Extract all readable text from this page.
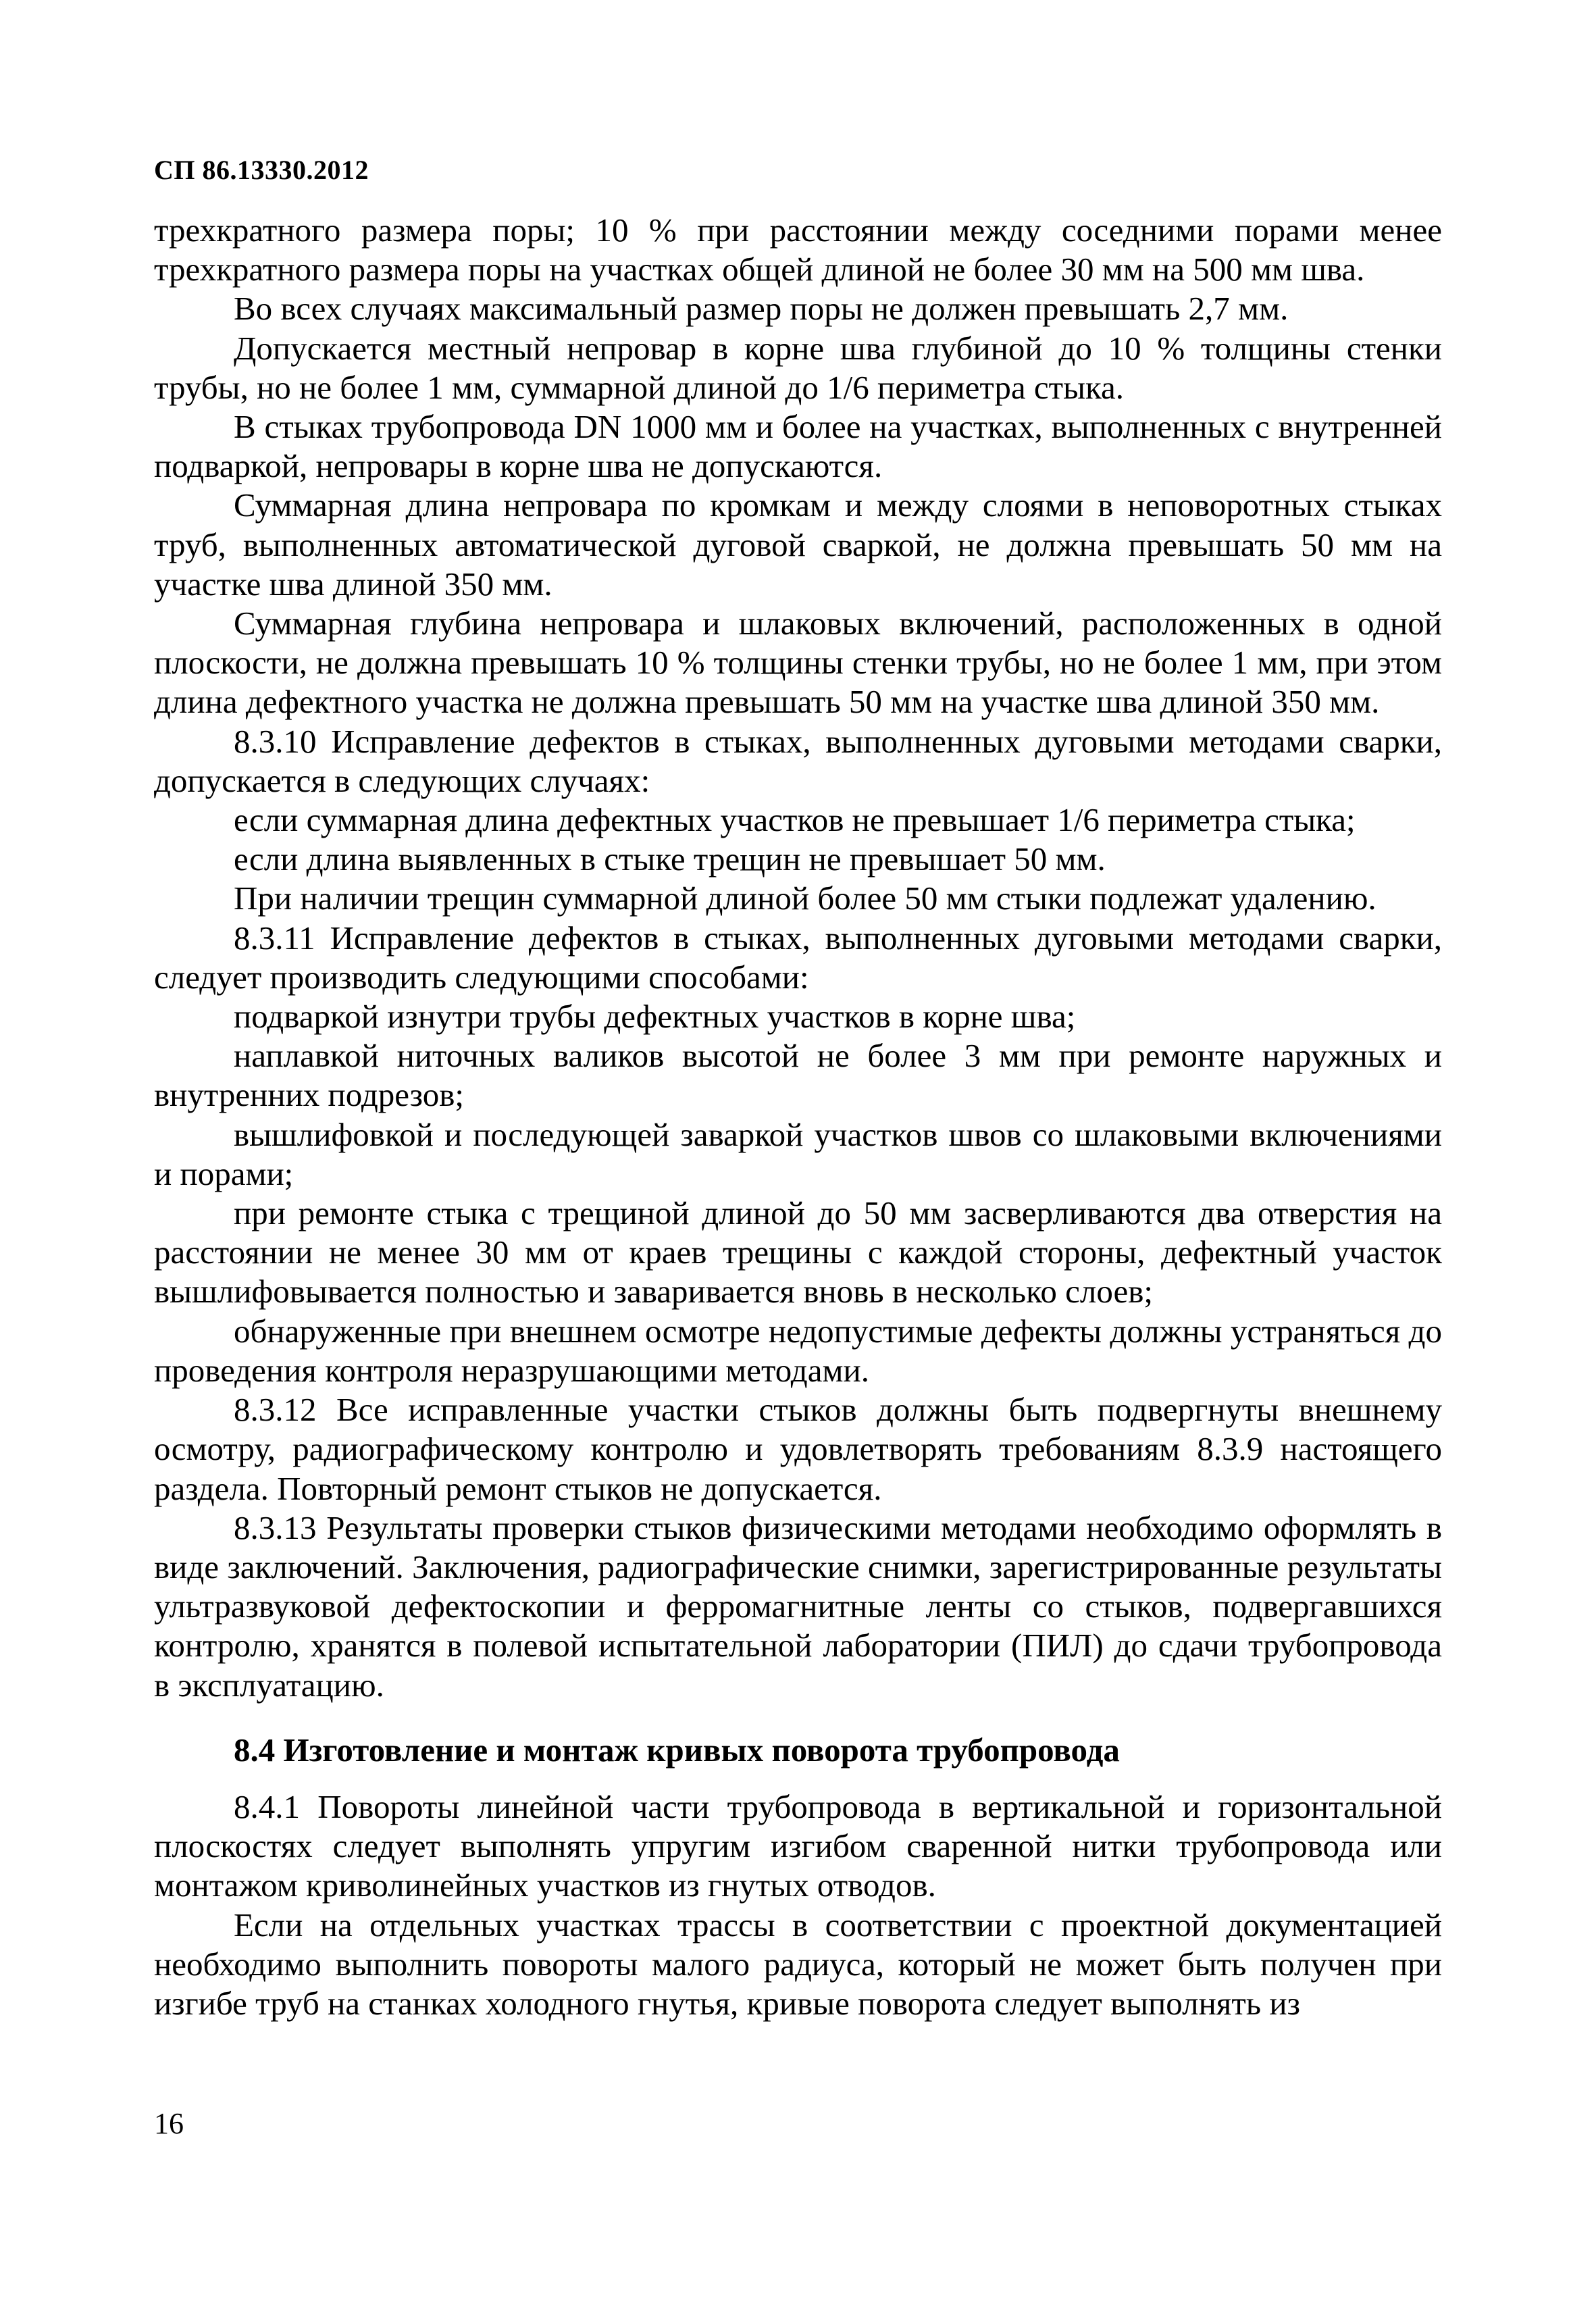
СП 86.13330.2012

трехкратного размера поры; 10 % при расстоянии между соседними порами менее трехкратного размера поры на участках общей длиной не более 30 мм на 500 мм шва.

Во всех случаях максимальный размер поры не должен превышать 2,7 мм.

Допускается местный непровар в корне шва глубиной до 10 % толщины стенки трубы, но не более 1 мм, суммарной длиной до 1/6 периметра стыка.

В стыках трубопровода DN 1000 мм и более на участках, выполненных с внутренней подваркой, непровары в корне шва не допускаются.

Суммарная длина непровара по кромкам и между слоями в неповоротных стыках труб, выполненных автоматической дуговой сваркой, не должна превышать 50 мм на участке шва длиной 350 мм.

Суммарная глубина непровара и шлаковых включений, расположенных в одной плоскости, не должна превышать 10 % толщины стенки трубы, но не более 1 мм, при этом длина дефектного участка не должна превышать 50 мм на участке шва длиной 350 мм.

8.3.10 Исправление дефектов в стыках, выполненных дуговыми методами сварки, допускается в следующих случаях:

если суммарная длина дефектных участков не превышает 1/6 периметра стыка;

если длина выявленных в стыке трещин не превышает 50 мм.

При наличии трещин суммарной длиной более 50 мм стыки подлежат удалению.

8.3.11 Исправление дефектов в стыках, выполненных дуговыми методами сварки, следует производить следующими способами:

подваркой изнутри трубы дефектных участков в корне шва;

наплавкой ниточных валиков высотой не более 3 мм при ремонте наружных и внутренних подрезов;

вышлифовкой и последующей заваркой участков швов со шлаковыми включениями и порами;

при ремонте стыка с трещиной длиной до 50 мм засверливаются два отверстия на расстоянии не менее 30 мм от краев трещины с каждой стороны, дефектный участок вышлифовывается полностью и заваривается вновь в несколько слоев;

обнаруженные при внешнем осмотре недопустимые дефекты должны устраняться до проведения контроля неразрушающими методами.

8.3.12 Все исправленные участки стыков должны быть подвергнуты внешнему осмотру, радиографическому контролю и удовлетворять требованиям 8.3.9 настоящего раздела. Повторный ремонт стыков не допускается.

8.3.13 Результаты проверки стыков физическими методами необходимо оформлять в виде заключений. Заключения, радиографические снимки, зарегистрированные результаты ультразвуковой дефектоскопии и ферромагнитные ленты со стыков, подвергавшихся контролю, хранятся в полевой испытательной лаборатории (ПИЛ) до сдачи трубопровода в эксплуатацию.

8.4 Изготовление и монтаж кривых поворота трубопровода

8.4.1 Повороты линейной части трубопровода в вертикальной и горизонтальной плоскостях следует выполнять упругим изгибом сваренной нитки трубопровода или монтажом криволинейных участков из гнутых отводов.

Если на отдельных участках трассы в соответствии с проектной документацией необходимо выполнить повороты малого радиуса, который не может быть получен при изгибе труб на станках холодного гнутья, кривые поворота следует выполнять из

16
